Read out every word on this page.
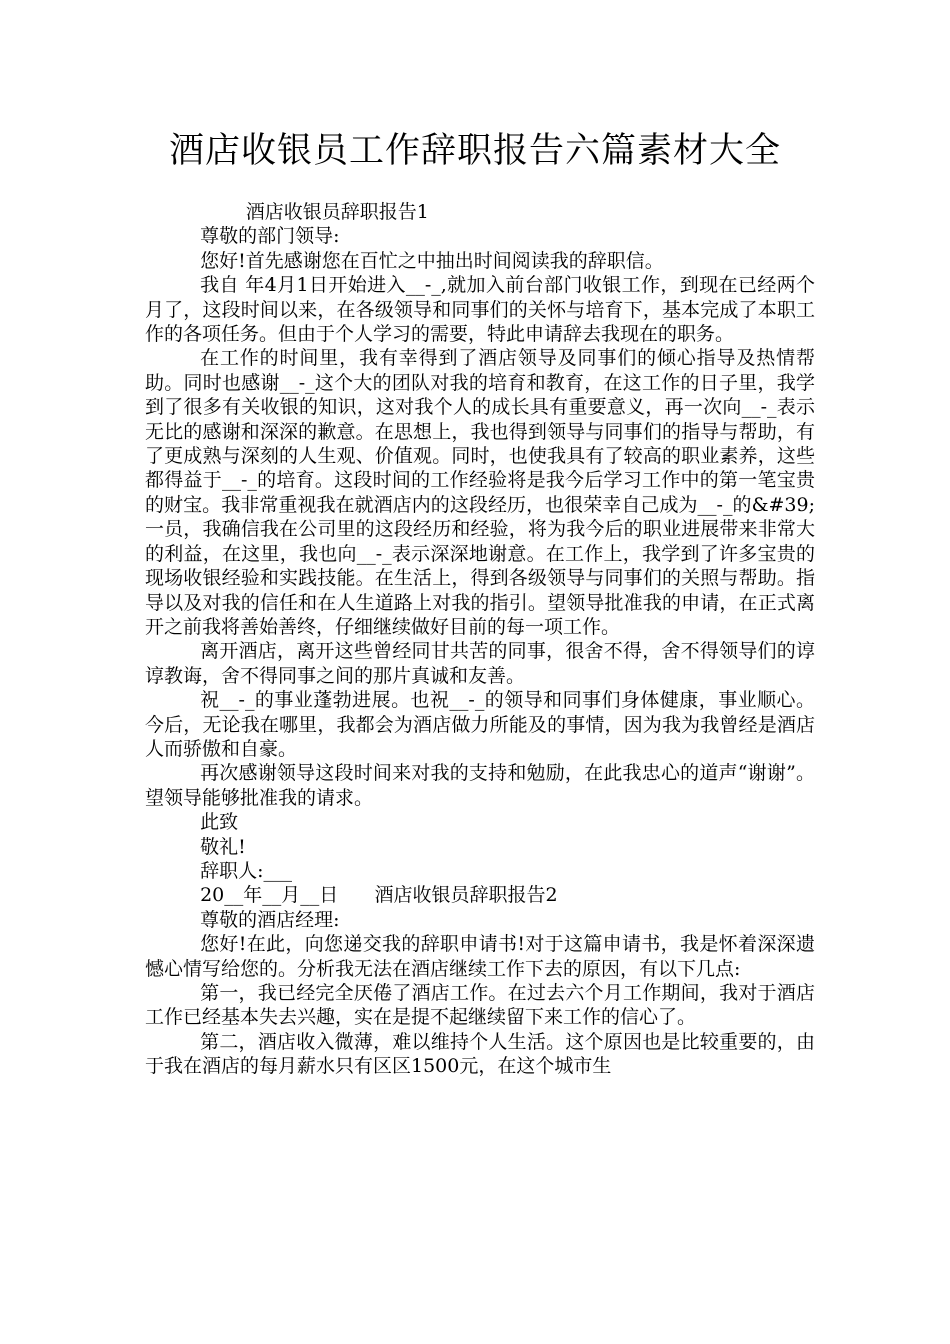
酒店收银员工作辞职报告六篇素材大全

酒店收银员辞职报告1

尊敬的部门领导:

您好!首先感谢您在百忙之中抽出时间阅读我的辞职信。

我自 年4月1日开始进入__-_,就加入前台部门收银工作，到现在已经两个月了，这段时间以来，在各级领导和同事们的关怀与培育下，基本完成了本职工作的各项任务。但由于个人学习的需要，特此申请辞去我现在的职务。

在工作的时间里，我有幸得到了酒店领导及同事们的倾心指导及热情帮助。同时也感谢__-_这个大的团队对我的培育和教育，在这工作的日子里，我学到了很多有关收银的知识，这对我个人的成长具有重要意义，再一次向__-_表示无比的感谢和深深的歉意。在思想上，我也得到领导与同事们的指导与帮助，有了更成熟与深刻的人生观、价值观。同时，也使我具有了较高的职业素养，这些都得益于__-_的培育。这段时间的工作经验将是我今后学习工作中的第一笔宝贵的财宝。我非常重视我在就酒店内的这段经历，也很荣幸自己成为__-_的&#39;一员，我确信我在公司里的这段经历和经验，将为我今后的职业进展带来非常大的利益，在这里，我也向__-_表示深深地谢意。在工作上，我学到了许多宝贵的现场收银经验和实践技能。在生活上，得到各级领导与同事们的关照与帮助。指导以及对我的信任和在人生道路上对我的指引。望领导批准我的申请，在正式离开之前我将善始善终，仔细继续做好目前的每一项工作。

离开酒店，离开这些曾经同甘共苦的同事，很舍不得，舍不得领导们的谆谆教诲，舍不得同事之间的那片真诚和友善。

祝__-_的事业蓬勃进展。也祝__-_的领导和同事们身体健康，事业顺心。今后，无论我在哪里，我都会为酒店做力所能及的事情，因为我为我曾经是酒店人而骄傲和自豪。

再次感谢领导这段时间来对我的支持和勉励，在此我忠心的道声“谢谢”。望领导能够批准我的请求。

此致

敬礼!

辞职人:___

20__年__月__日      酒店收银员辞职报告2

尊敬的酒店经理:

您好!在此，向您递交我的辞职申请书!对于这篇申请书，我是怀着深深遗憾心情写给您的。分析我无法在酒店继续工作下去的原因，有以下几点:

第一，我已经完全厌倦了酒店工作。在过去六个月工作期间，我对于酒店工作已经基本失去兴趣，实在是提不起继续留下来工作的信心了。

第二，酒店收入微薄，难以维持个人生活。这个原因也是比较重要的，由于我在酒店的每月薪水只有区区1500元，在这个城市生
